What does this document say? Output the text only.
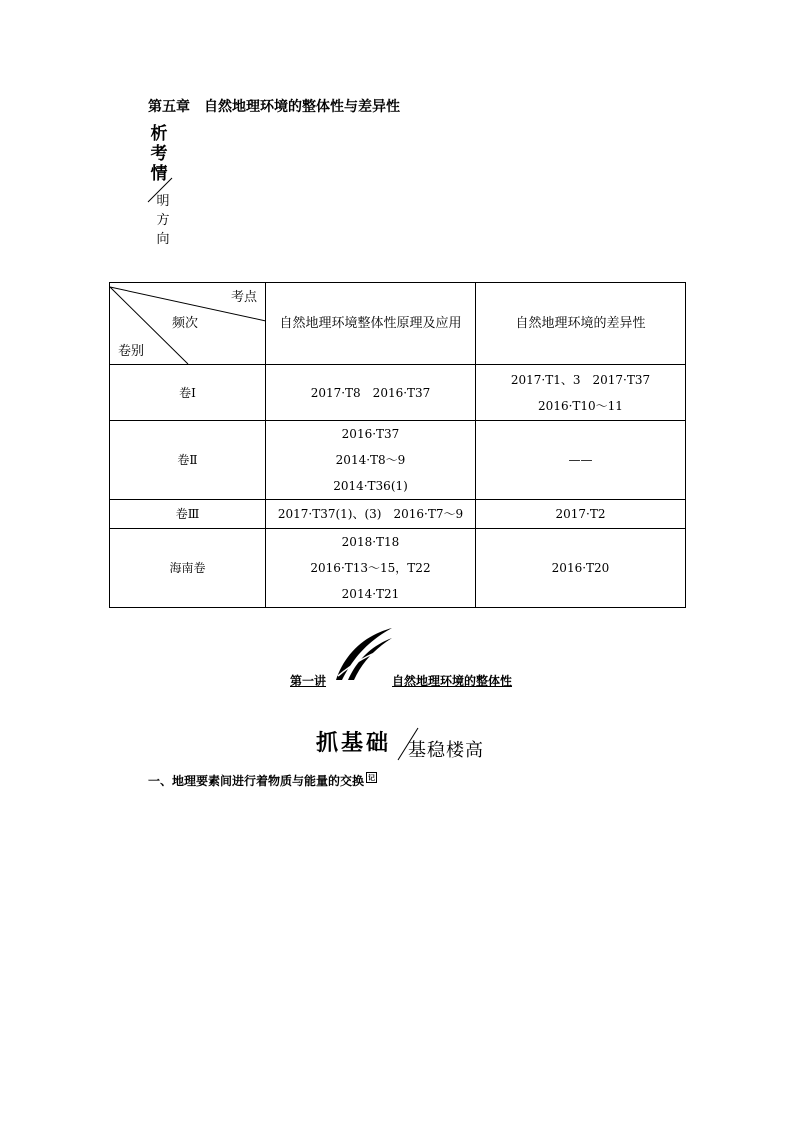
第五章　自然地理环境的整体性与差异性
析
考
情
明
方
向
考点
频次
卷别	自然地理环境整体性原理及应用	自然地理环境的差异性
卷Ⅰ	2017·T8　2016·T37	2017·T1、3　2017·T37
2016·T10～11

卷Ⅱ	2016·T37
2014·T8～9
2014·T36(1)	——

卷Ⅲ	2017·T37(1)、(3)　2016·T7～9	2017·T2

海南卷	2018·T18
2016·T13～15，T22
2014·T21	2016·T20
第一讲	自然地理环境的整体性
抓基础 基稳楼高
一、地理要素间进行着物质与能量的交换 $^记$
